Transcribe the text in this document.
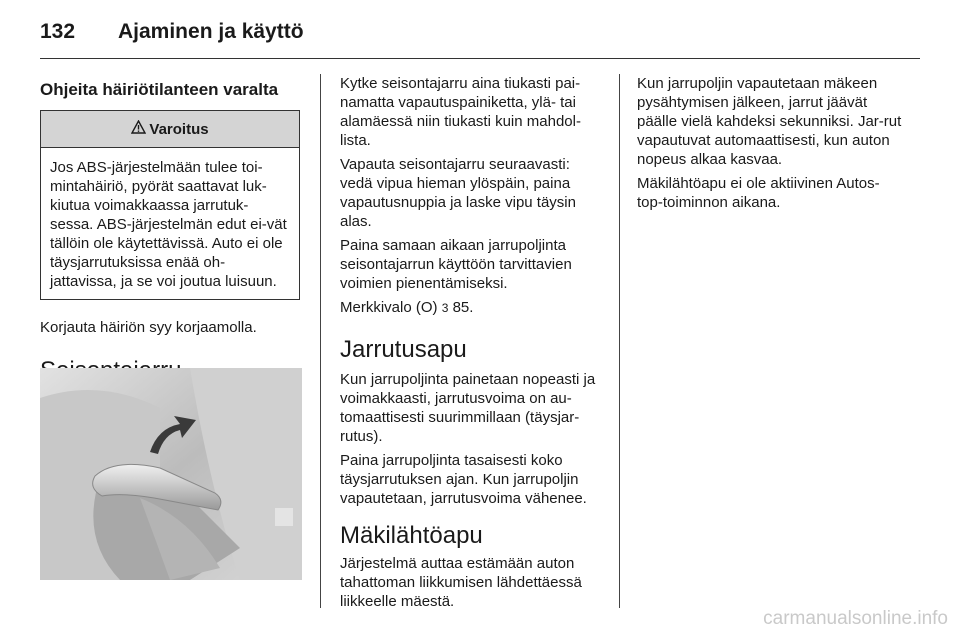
132 Ajaminen ja käyttö
Ohjeita häiriötilanteen varalta
Varoitus
Jos ABS-järjestelmään tulee toi-mintahäiriö, pyörät saattavat luk-kiutua voimakkaassa jarrutuk-sessa. ABS-järjestelmän edut ei-vät tällöin ole käytettävissä. Auto ei ole täysjarrutuksissa enää oh-jattavissa, ja se voi joutua luisuun.

Korjauta häiriön syy korjaamolla.

Kytke seisontajarru aina tiukasti pai-namatta vapautuspainiketta, ylä- tai alamäessä niin tiukasti kuin mahdol-lista.

Vapauta seisontajarru seuraavasti: vedä vipua hieman ylöspäin, paina vapautusnuppia ja laske vipu täysin alas.

Paina samaan aikaan jarrupoljinta seisontajarrun käyttöön tarvittavien voimien pienentämiseksi.

Merkkivalo (O) 3 85.

Jarrutusapu

Kun jarrupoljinta painetaan nopeasti ja voimakkaasti, jarrutusvoima on au-tomaattisesti suurimmillaan (täysjar-rutus).

Paina jarrupoljinta tasaisesti koko täysjarrutuksen ajan. Kun jarrupoljin vapautetaan, jarrutusvoima vähenee.

Mäkilähtöapu

Järjestelmä auttaa estämään auton tahattoman liikkumisen lähdettäessä liikkeelle mäestä.

Kun jarrupoljin vapautetaan mäkeen pysähtymisen jälkeen, jarrut jäävät päälle vielä kahdeksi sekunniksi. Jar-rut vapautuvat automaattisesti, kun auton nopeus alkaa kasvaa.

Mäkilähtöapu ei ole aktiivinen Autos-top-toiminnon aikana.

carmanualsonline.info
